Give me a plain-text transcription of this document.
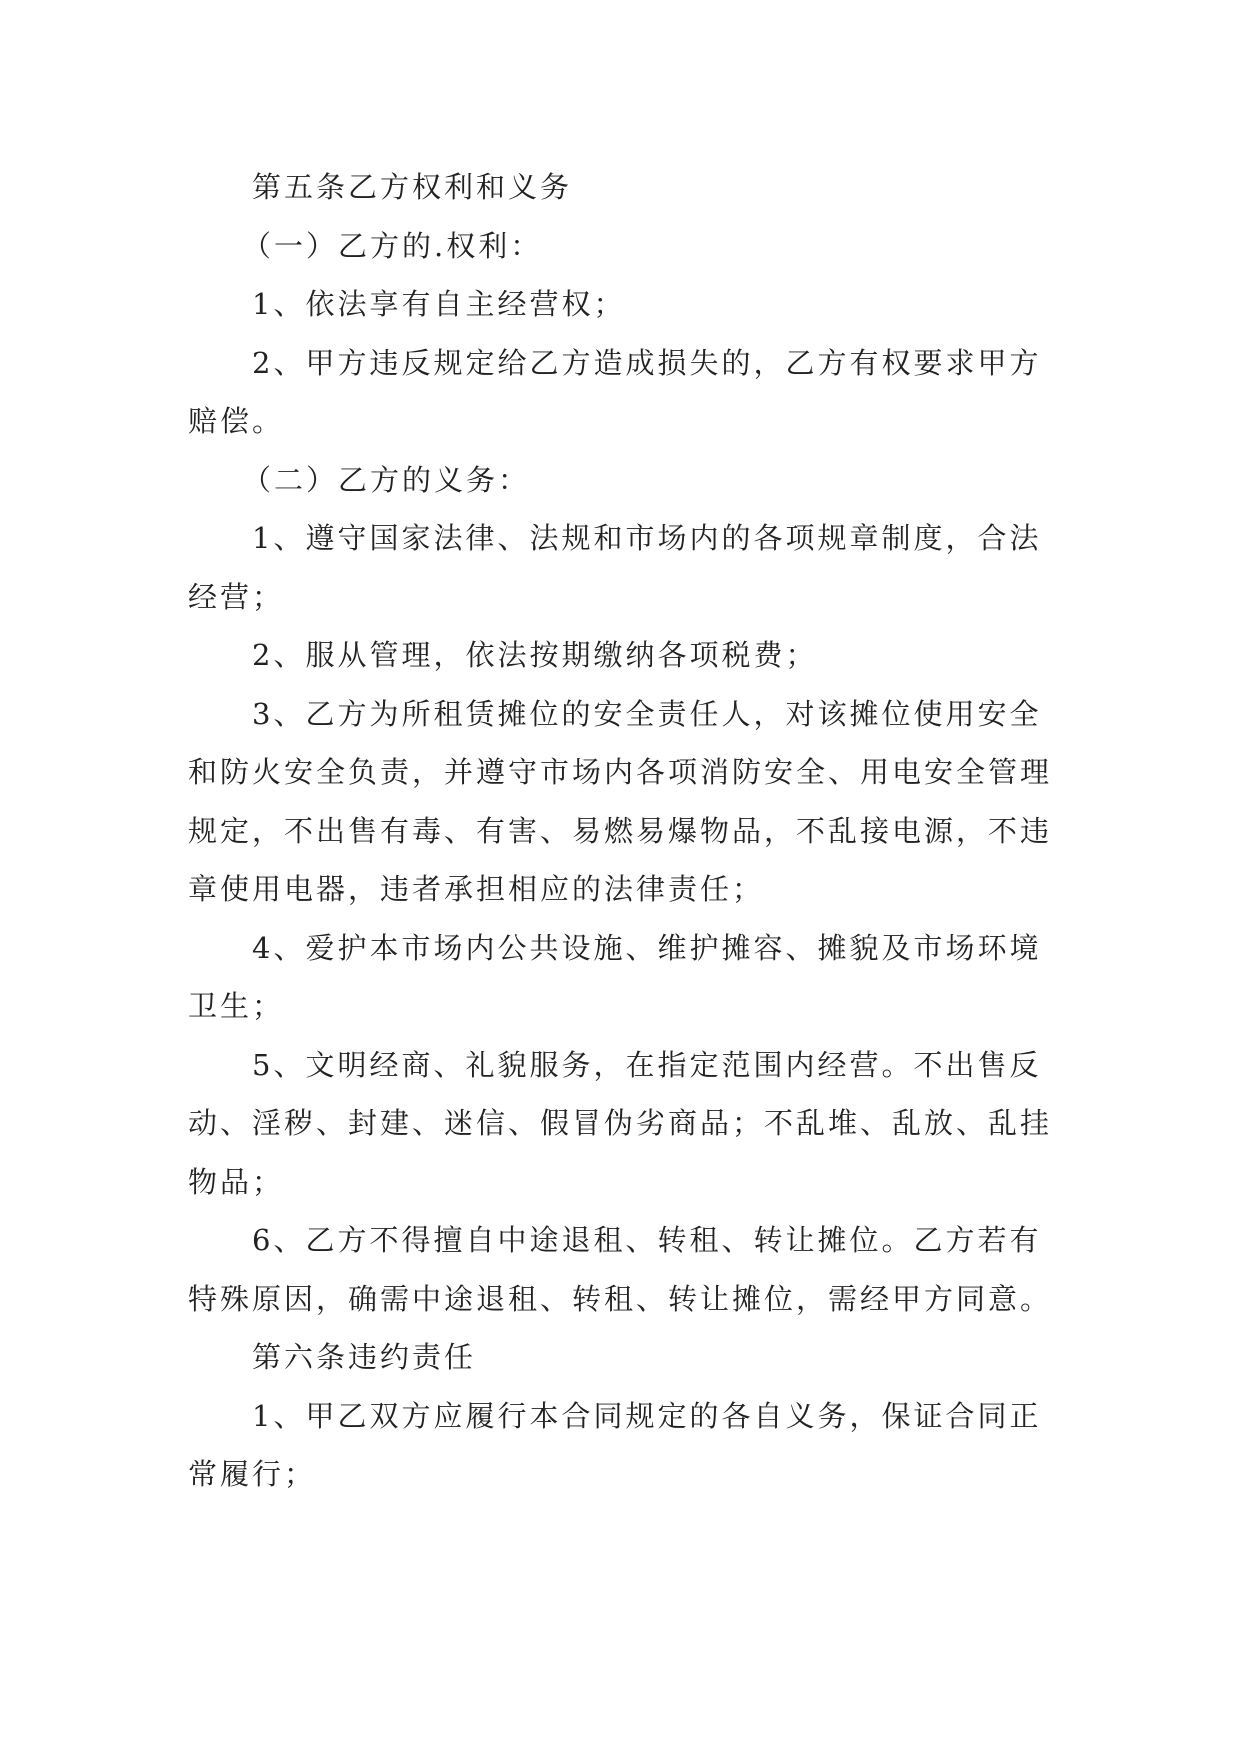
第五条乙方权利和义务

（一）乙方的.权利：

1、依法享有自主经营权；

2、甲方违反规定给乙方造成损失的，乙方有权要求甲方赔偿。

（二）乙方的义务：

1、遵守国家法律、法规和市场内的各项规章制度，合法经营；

2、服从管理，依法按期缴纳各项税费；

3、乙方为所租赁摊位的安全责任人，对该摊位使用安全和防火安全负责，并遵守市场内各项消防安全、用电安全管理规定，不出售有毒、有害、易燃易爆物品，不乱接电源，不违章使用电器，违者承担相应的法律责任；

4、爱护本市场内公共设施、维护摊容、摊貌及市场环境卫生；

5、文明经商、礼貌服务，在指定范围内经营。不出售反动、淫秽、封建、迷信、假冒伪劣商品；不乱堆、乱放、乱挂物品；

6、乙方不得擅自中途退租、转租、转让摊位。乙方若有特殊原因，确需中途退租、转租、转让摊位，需经甲方同意。

第六条违约责任

1、甲乙双方应履行本合同规定的各自义务，保证合同正常履行；
